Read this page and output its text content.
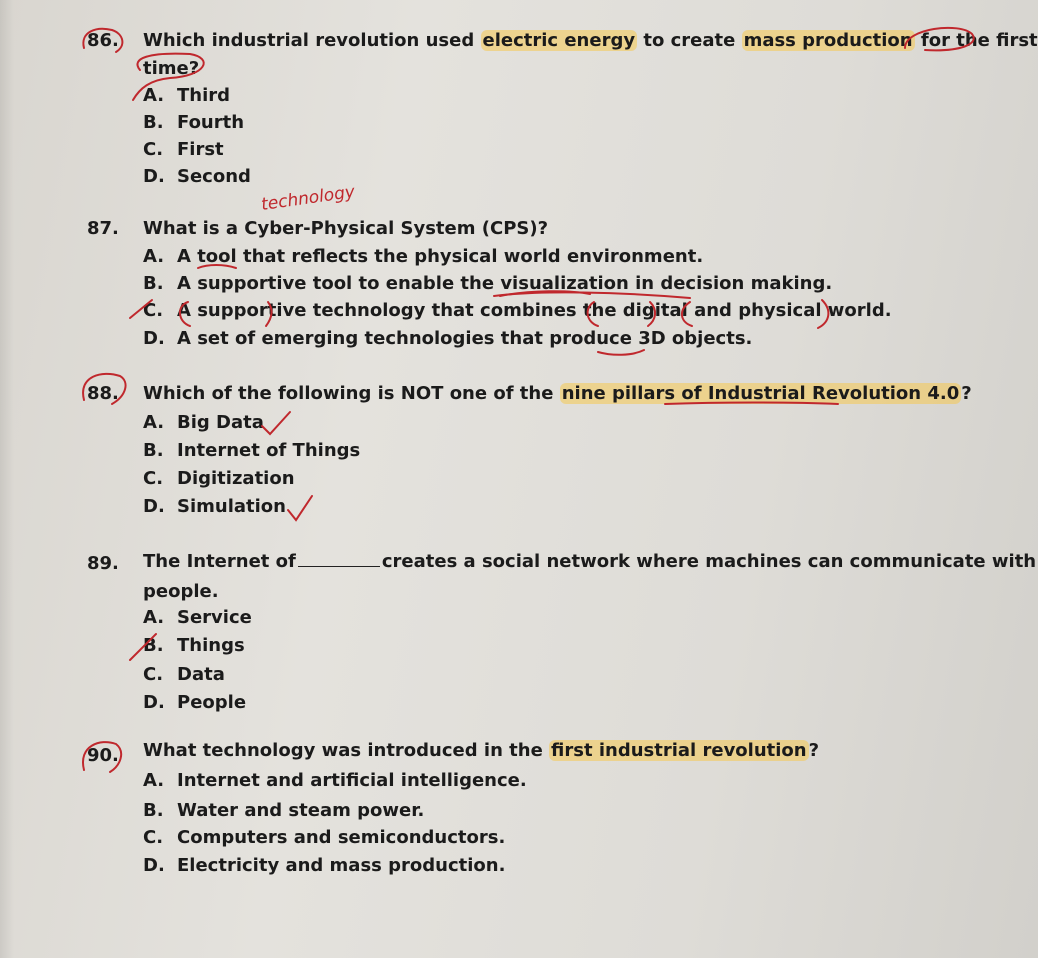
86. Which industrial revolution used electric energy to create mass production for the first
time?
A. Third
B. Fourth
C. First
D. Second
87. What is a Cyber-Physical System (CPS)?
A. A tool that reflects the physical world environment.
B. A supportive tool to enable the visualization in decision making.
C. A supportive technology that combines the digital and physical world.
D. A set of emerging technologies that produce 3D objects.
88. Which of the following is NOT one of the nine pillars of Industrial Revolution 4.0 ?
A. Big Data
B. Internet of Things
C. Digitization
D. Simulation
89. The Internet of	creates a social network where machines can communicate with
people.
A. Service
B. Things
C. Data
D. People
90. What technology was introduced in the first industrial revolution ?
A. Internet and artificial intelligence.
B. Water and steam power.
C. Computers and semiconductors.
D. Electricity and mass production.
technology
